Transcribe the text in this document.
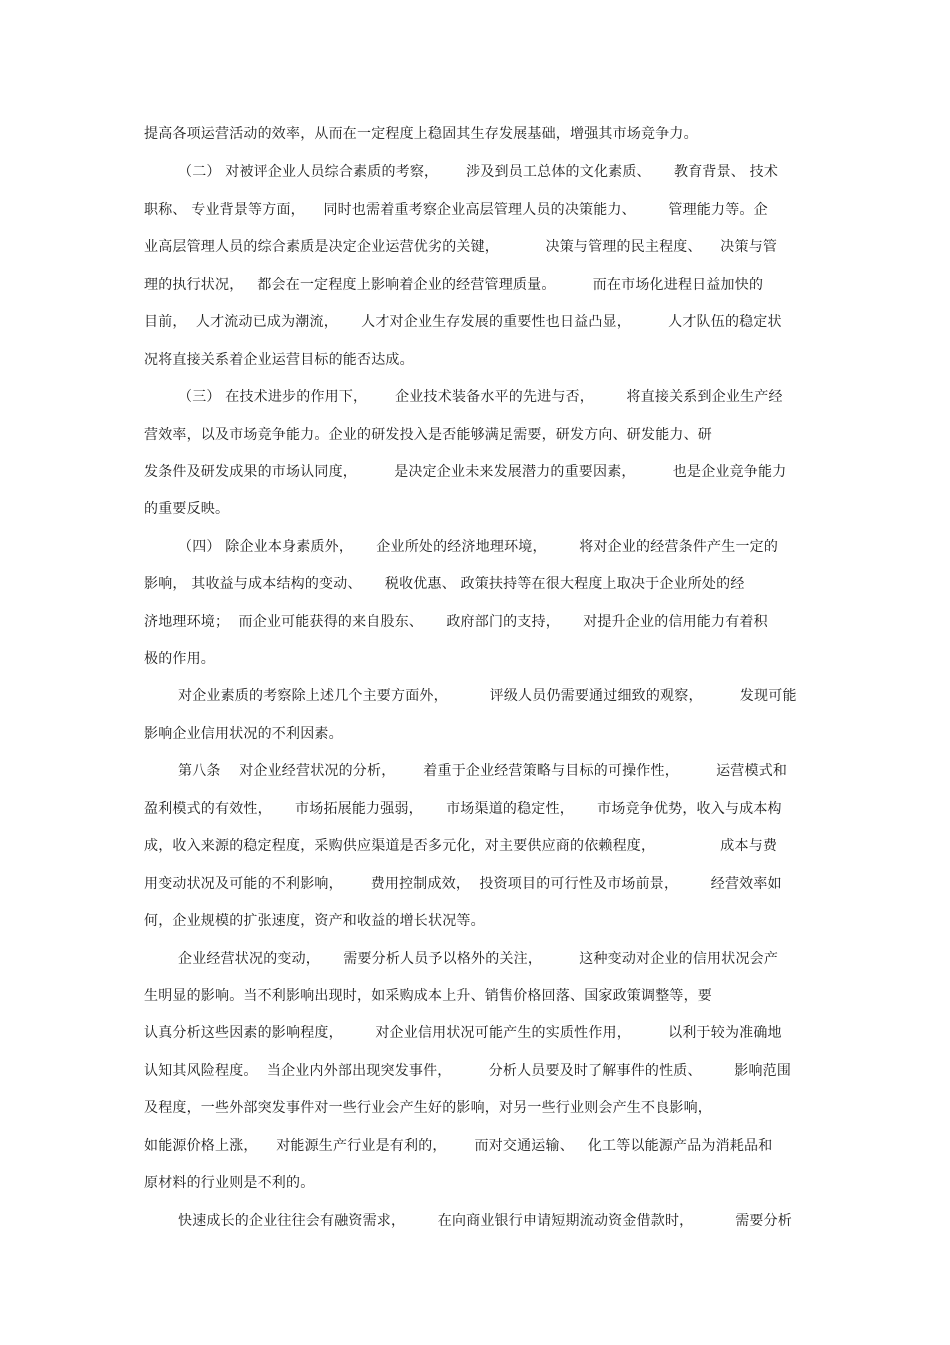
提高各项运营活动的效率，从而在一定程度上稳固其生存发展基础，增强其市场竞争力。
（二） 对被评企业人员综合素质的考察，      涉及到员工总体的文化素质、     教育背景、 技术
职称、 专业背景等方面，    同时也需着重考察企业高层管理人员的决策能力、       管理能力等。企
业高层管理人员的综合素质是决定企业运营优劣的关键，          决策与管理的民主程度、    决策与管
理的执行状况，   都会在一定程度上影响着企业的经营管理质量。        而在市场化进程日益加快的
目前，  人才流动已成为潮流，     人才对企业生存发展的重要性也日益凸显，        人才队伍的稳定状
况将直接关系着企业运营目标的能否达成。
（三） 在技术进步的作用下，      企业技术装备水平的先进与否，       将直接关系到企业生产经
营效率，以及市场竞争能力。企业的研发投入是否能够满足需要，研发方向、研发能力、研
发条件及研发成果的市场认同度，        是决定企业未来发展潜力的重要因素，        也是企业竞争能力
的重要反映。
（四） 除企业本身素质外，     企业所处的经济地理环境，       将对企业的经营条件产生一定的
影响， 其收益与成本结构的变动、     税收优惠、 政策扶持等在很大程度上取决于企业所处的经
济地理环境；  而企业可能获得的来自股东、     政府部门的支持，     对提升企业的信用能力有着积
极的作用。
对企业素质的考察除上述几个主要方面外，         评级人员仍需要通过细致的观察，        发现可能
影响企业信用状况的不利因素。
第八条    对企业经营状况的分析，      着重于企业经营策略与目标的可操作性，        运营模式和
盈利模式的有效性，     市场拓展能力强弱，     市场渠道的稳定性，     市场竞争优势，收入与成本构
成，收入来源的稳定程度，采购供应渠道是否多元化，对主要供应商的依赖程度，              成本与费
用变动状况及可能的不利影响，      费用控制成效，  投资项目的可行性及市场前景，       经营效率如
何，企业规模的扩张速度，资产和收益的增长状况等。
企业经营状况的变动，     需要分析人员予以格外的关注，        这种变动对企业的信用状况会产
生明显的影响。当不利影响出现时，如采购成本上升、销售价格回落、国家政策调整等，要
认真分析这些因素的影响程度，       对企业信用状况可能产生的实质性作用，        以利于较为准确地
认知其风险程度。  当企业内外部出现突发事件，        分析人员要及时了解事件的性质、       影响范围
及程度，一些外部突发事件对一些行业会产生好的影响，对另一些行业则会产生不良影响，
如能源价格上涨，    对能源生产行业是有利的，      而对交通运输、   化工等以能源产品为消耗品和
原材料的行业则是不利的。
快速成长的企业往往会有融资需求，       在向商业银行申请短期流动资金借款时，         需要分析
